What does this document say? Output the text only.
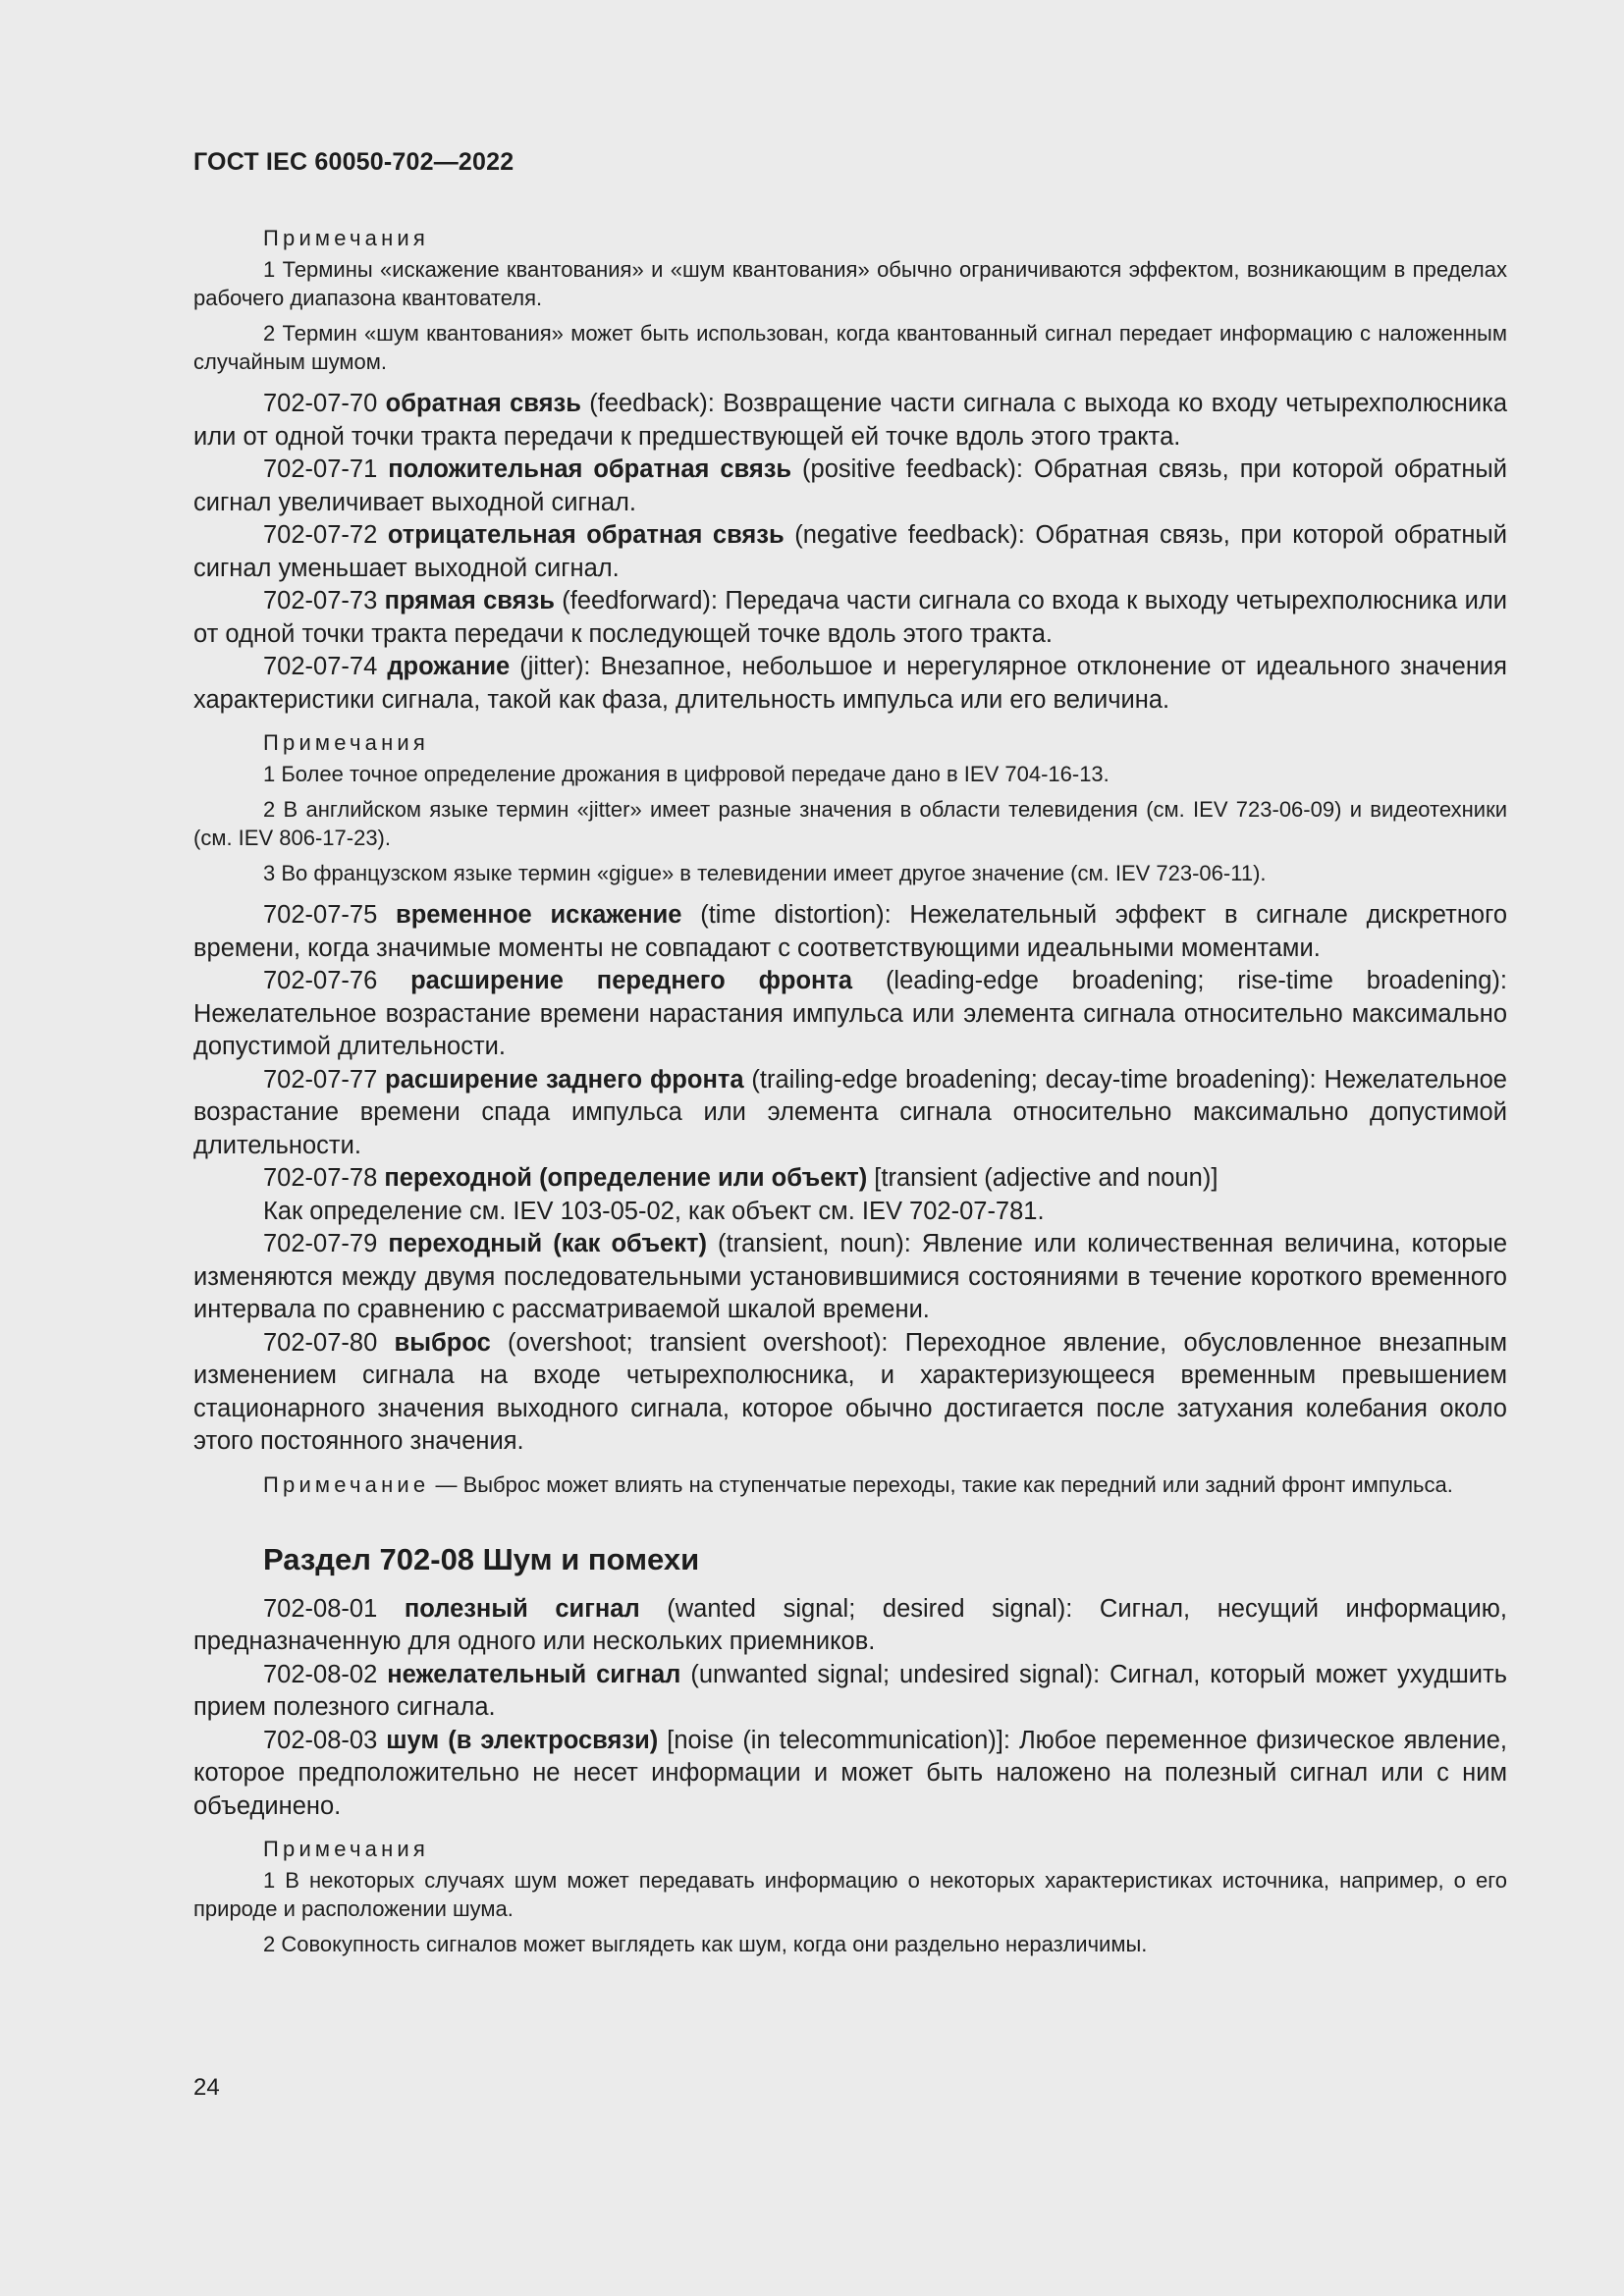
ГОСТ IEC 60050-702—2022

Примечания

1 Термины «искажение квантования» и «шум квантования» обычно ограничиваются эффектом, возникающим в пределах рабочего диапазона квантователя.

2 Термин «шум квантования» может быть использован, когда квантованный сигнал передает информацию с наложенным случайным шумом.

702-07-70 обратная связь (feedback): Возвращение части сигнала с выхода ко входу четырехполюсника или от одной точки тракта передачи к предшествующей ей точке вдоль этого тракта.

702-07-71 положительная обратная связь (positive feedback): Обратная связь, при которой обратный сигнал увеличивает выходной сигнал.

702-07-72 отрицательная обратная связь (negative feedback): Обратная связь, при которой обратный сигнал уменьшает выходной сигнал.

702-07-73 прямая связь (feedforward): Передача части сигнала со входа к выходу четырехполюсника или от одной точки тракта передачи к последующей точке вдоль этого тракта.

702-07-74 дрожание (jitter): Внезапное, небольшое и нерегулярное отклонение от идеального значения характеристики сигнала, такой как фаза, длительность импульса или его величина.

Примечания

1 Более точное определение дрожания в цифровой передаче дано в IEV 704-16-13.

2 В английском языке термин «jitter» имеет разные значения в области телевидения (см. IEV 723-06-09) и видеотехники (см. IEV 806-17-23).

3 Во французском языке термин «gigue» в телевидении имеет другое значение (см. IEV 723-06-11).

702-07-75 временное искажение (time distortion): Нежелательный эффект в сигнале дискретного времени, когда значимые моменты не совпадают с соответствующими идеальными моментами.

702-07-76 расширение переднего фронта (leading-edge broadening; rise-time broadening): Нежелательное возрастание времени нарастания импульса или элемента сигнала относительно максимально допустимой длительности.

702-07-77 расширение заднего фронта (trailing-edge broadening; decay-time broadening): Нежелательное возрастание времени спада импульса или элемента сигнала относительно максимально допустимой длительности.

702-07-78 переходной (определение или объект) [transient (adjective and noun)]

Как определение см. IEV 103-05-02, как объект см. IEV 702-07-781.

702-07-79 переходный (как объект) (transient, noun): Явление или количественная величина, которые изменяются между двумя последовательными установившимися состояниями в течение короткого временного интервала по сравнению с рассматриваемой шкалой времени.

702-07-80 выброс (overshoot; transient overshoot): Переходное явление, обусловленное внезапным изменением сигнала на входе четырехполюсника, и характеризующееся временным превышением стационарного значения выходного сигнала, которое обычно достигается после затухания колебания около этого постоянного значения.

Примечание — Выброс может влиять на ступенчатые переходы, такие как передний или задний фронт импульса.

Раздел 702-08 Шум и помехи

702-08-01 полезный сигнал (wanted signal; desired signal): Сигнал, несущий информацию, предназначенную для одного или нескольких приемников.

702-08-02 нежелательный сигнал (unwanted signal; undesired signal): Сигнал, который может ухудшить прием полезного сигнала.

702-08-03 шум (в электросвязи) [noise (in telecommunication)]: Любое переменное физическое явление, которое предположительно не несет информации и может быть наложено на полезный сигнал или с ним объединено.

Примечания

1 В некоторых случаях шум может передавать информацию о некоторых характеристиках источника, например, о его природе и расположении шума.

2 Совокупность сигналов может выглядеть как шум, когда они раздельно неразличимы.

24
